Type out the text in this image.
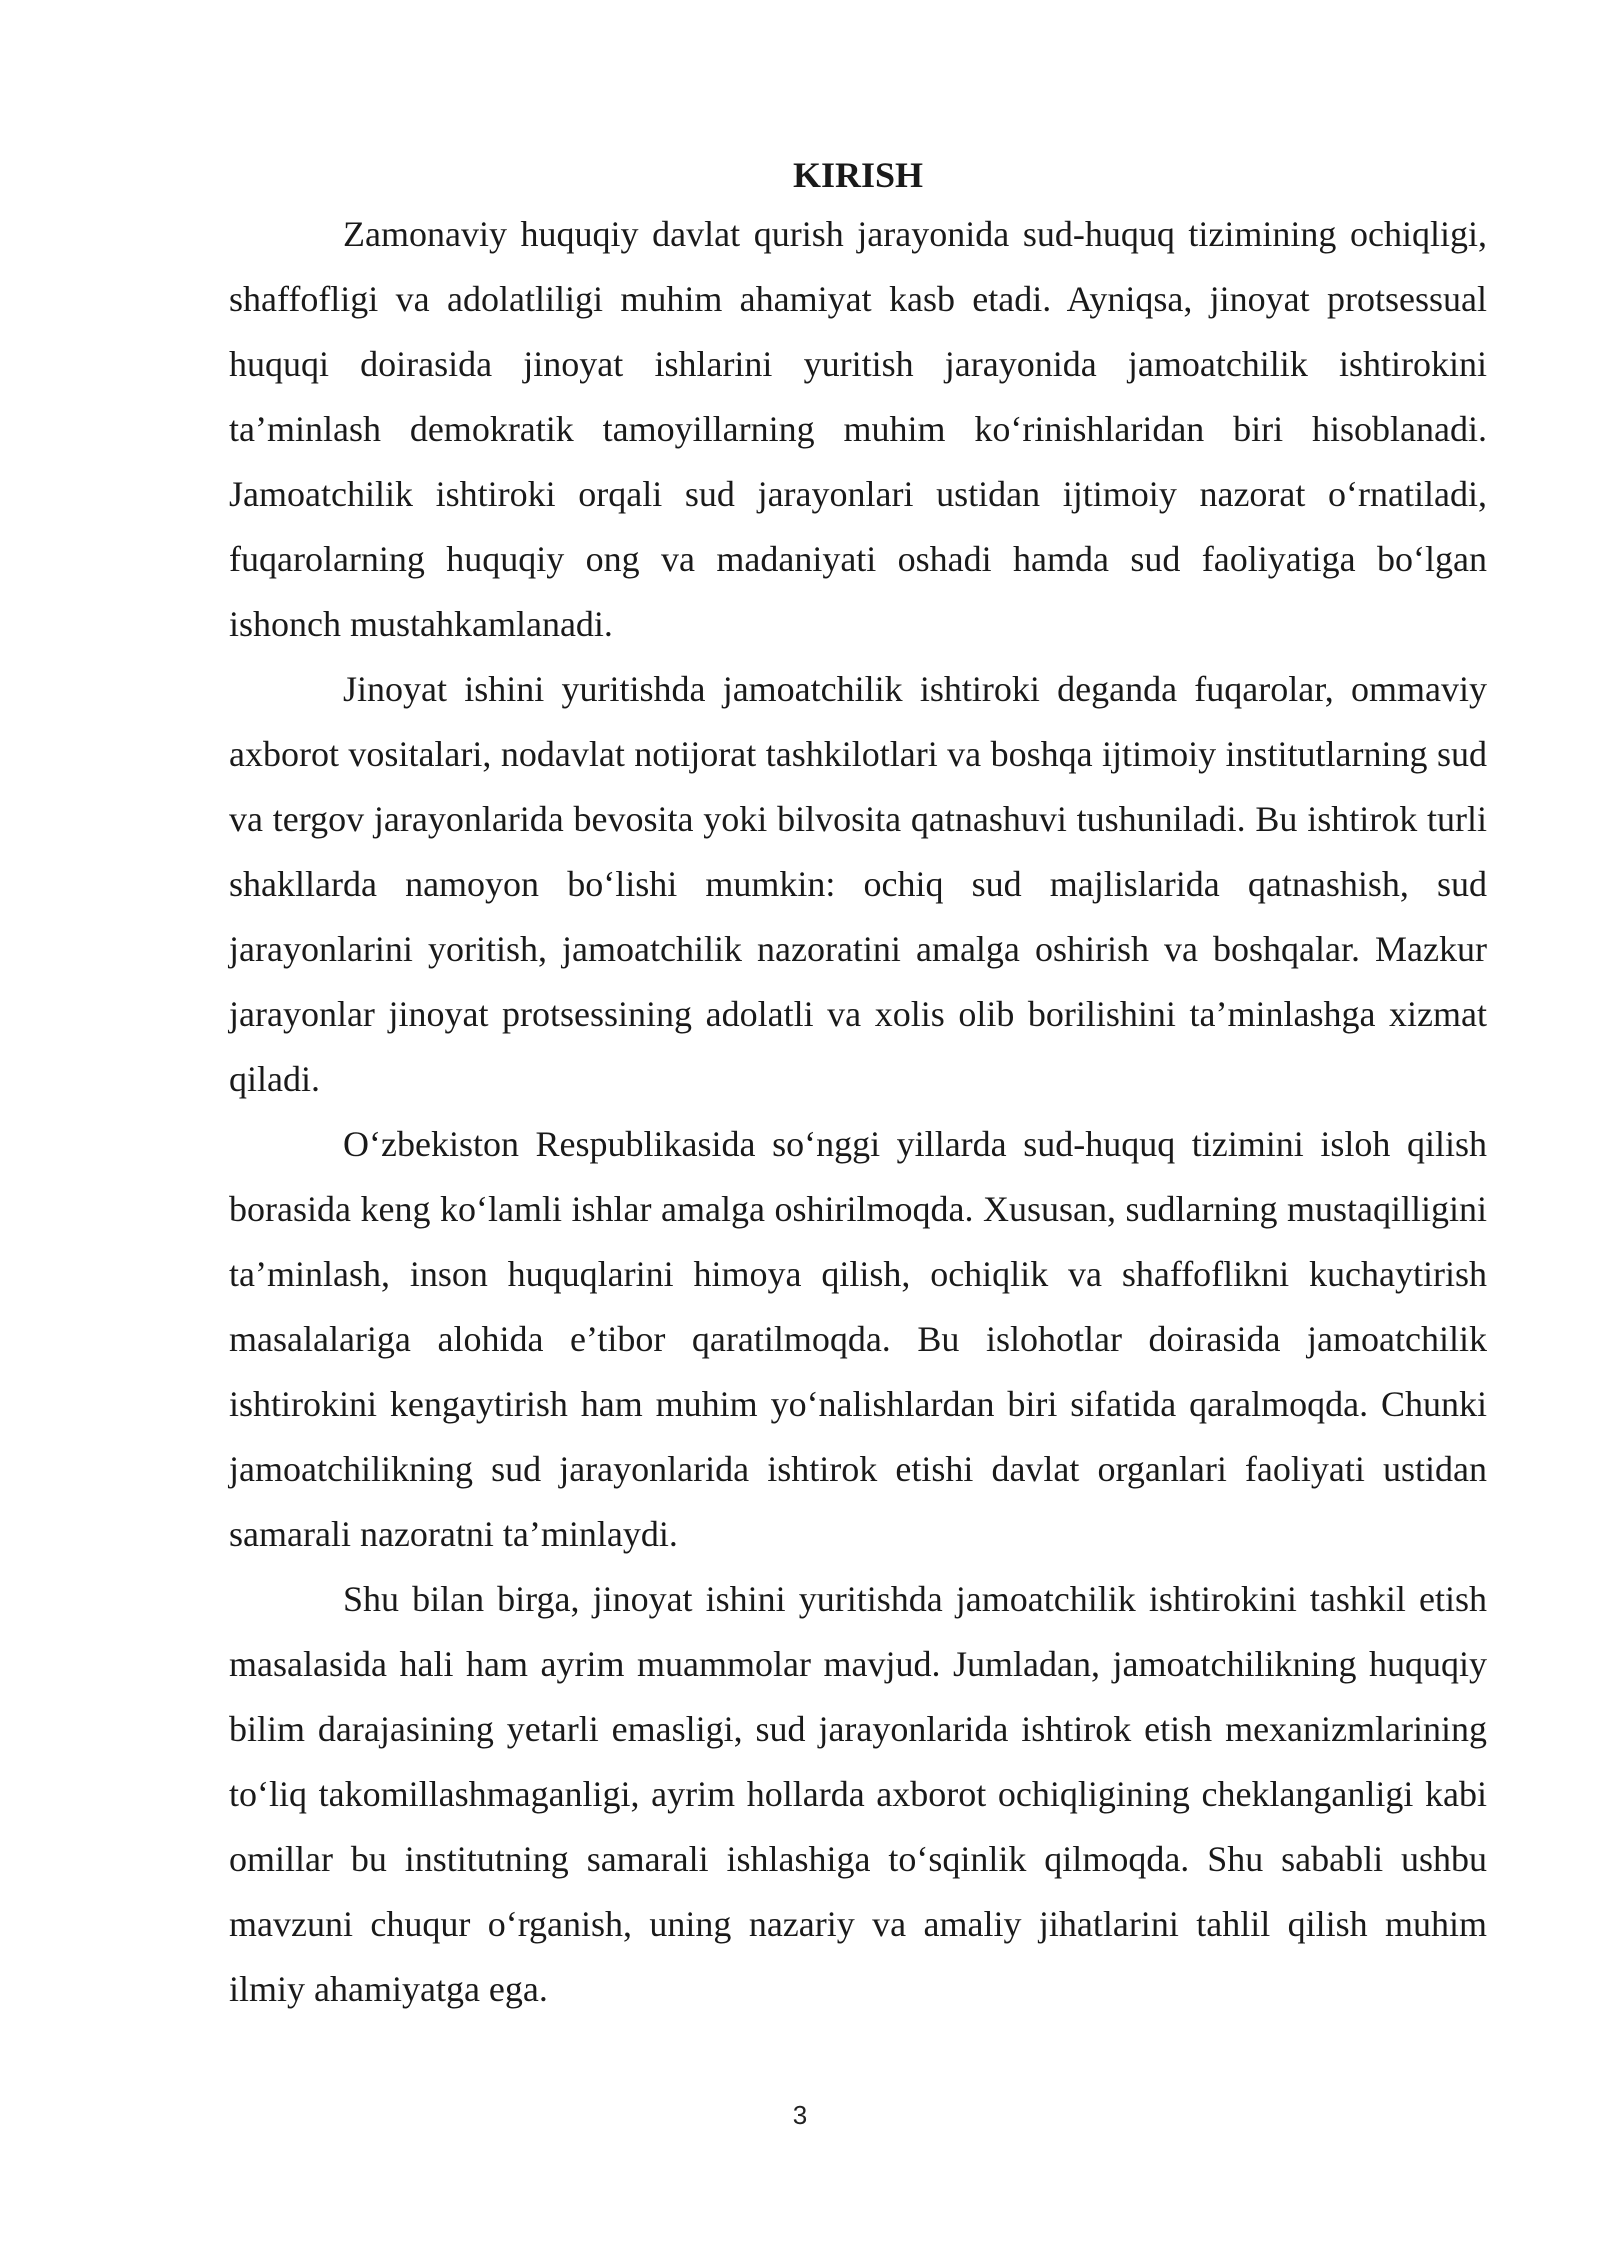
KIRISH

Zamonaviy huquqiy davlat qurish jarayonida sud-huquq tizimining ochiqligi, shaffofligi va adolatliligi muhim ahamiyat kasb etadi. Ayniqsa, jinoyat protsessual huquqi doirasida jinoyat ishlarini yuritish jarayonida jamoatchilik ishtirokini ta’minlash demokratik tamoyillarning muhim ko‘rinishlaridan biri hisoblanadi. Jamoatchilik ishtiroki orqali sud jarayonlari ustidan ijtimoiy nazorat o‘rnatiladi, fuqarolarning huquqiy ong va madaniyati oshadi hamda sud faoliyatiga bo‘lgan ishonch mustahkamlanadi.

Jinoyat ishini yuritishda jamoatchilik ishtiroki deganda fuqarolar, ommaviy axborot vositalari, nodavlat notijorat tashkilotlari va boshqa ijtimoiy institutlarning sud va tergov jarayonlarida bevosita yoki bilvosita qatnashuvi tushuniladi. Bu ishtirok turli shakllarda namoyon bo‘lishi mumkin: ochiq sud majlislarida qatnashish, sud jarayonlarini yoritish, jamoatchilik nazoratini amalga oshirish va boshqalar. Mazkur jarayonlar jinoyat protsessining adolatli va xolis olib borilishini ta’minlashga xizmat qiladi.

O‘zbekiston Respublikasida so‘nggi yillarda sud-huquq tizimini isloh qilish borasida keng ko‘lamli ishlar amalga oshirilmoqda. Xususan, sudlarning mustaqilligini ta’minlash, inson huquqlarini himoya qilish, ochiqlik va shaffoflikni kuchaytirish masalalariga alohida e’tibor qaratilmoqda. Bu islohotlar doirasida jamoatchilik ishtirokini kengaytirish ham muhim yo‘nalishlardan biri sifatida qaralmoqda. Chunki jamoatchilikning sud jarayonlarida ishtirok etishi davlat organlari faoliyati ustidan samarali nazoratni ta’minlaydi.

Shu bilan birga, jinoyat ishini yuritishda jamoatchilik ishtirokini tashkil etish masalasida hali ham ayrim muammolar mavjud. Jumladan, jamoatchilikning huquqiy bilim darajasining yetarli emasligi, sud jarayonlarida ishtirok etish mexanizmlarining to‘liq takomillashmaganligi, ayrim hollarda axborot ochiqligining cheklanganligi kabi omillar bu institutning samarali ishlashiga to‘sqinlik qilmoqda. Shu sababli ushbu mavzuni chuqur o‘rganish, uning nazariy va amaliy jihatlarini tahlil qilish muhim ilmiy ahamiyatga ega.

3
